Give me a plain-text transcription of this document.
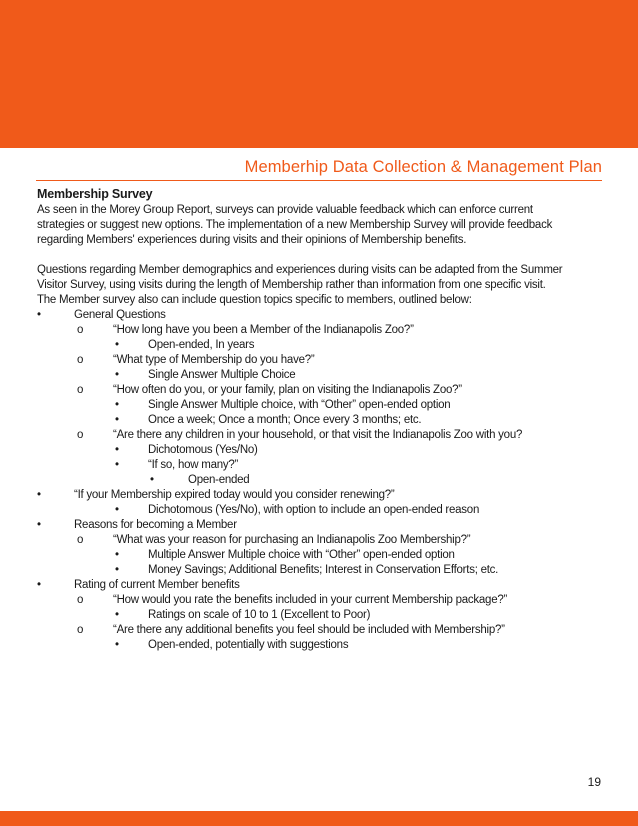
Memberhip Data Collection & Management Plan
Membership Survey
As seen in the Morey Group Report, surveys can provide valuable feedback which can enforce current
strategies or suggest new options. The implementation of a new Membership Survey will provide feedback
regarding Members' experiences during visits and their opinions of Membership benefits.
Questions regarding Member demographics and experiences during visits can be adapted from the Summer
Visitor Survey, using visits during the length of Membership rather than information from one specific visit.
The Member survey also can include question topics specific to members, outlined below:
•	General Questions
o	“How long have you been a Member of the Indianapolis Zoo?”
•	Open-ended, In years
o	“What type of Membership do you have?”
•	Single Answer Multiple Choice
o	“How often do you, or your family, plan on visiting the Indianapolis Zoo?”
•	Single Answer Multiple choice, with “Other” open-ended option
•	Once a week; Once a month; Once every 3 months; etc.
o	“Are there any children in your household, or that visit the Indianapolis Zoo with you?
•	Dichotomous (Yes/No)
•	“If so, how many?”
•	Open-ended
•	“If your Membership expired today would you consider renewing?”
•	Dichotomous (Yes/No), with option to include an open-ended reason
•	Reasons for becoming a Member
o	“What was your reason for purchasing an Indianapolis Zoo Membership?”
•	Multiple Answer Multiple choice with “Other” open-ended option
•	Money Savings; Additional Benefits; Interest in Conservation Efforts; etc.
•	Rating of current Member benefits
o	“How would you rate the benefits included in your current Membership package?”
•	Ratings on scale of 10 to 1 (Excellent to Poor)
o	“Are there any additional benefits you feel should be included with Membership?”
•	Open-ended, potentially with suggestions
19
